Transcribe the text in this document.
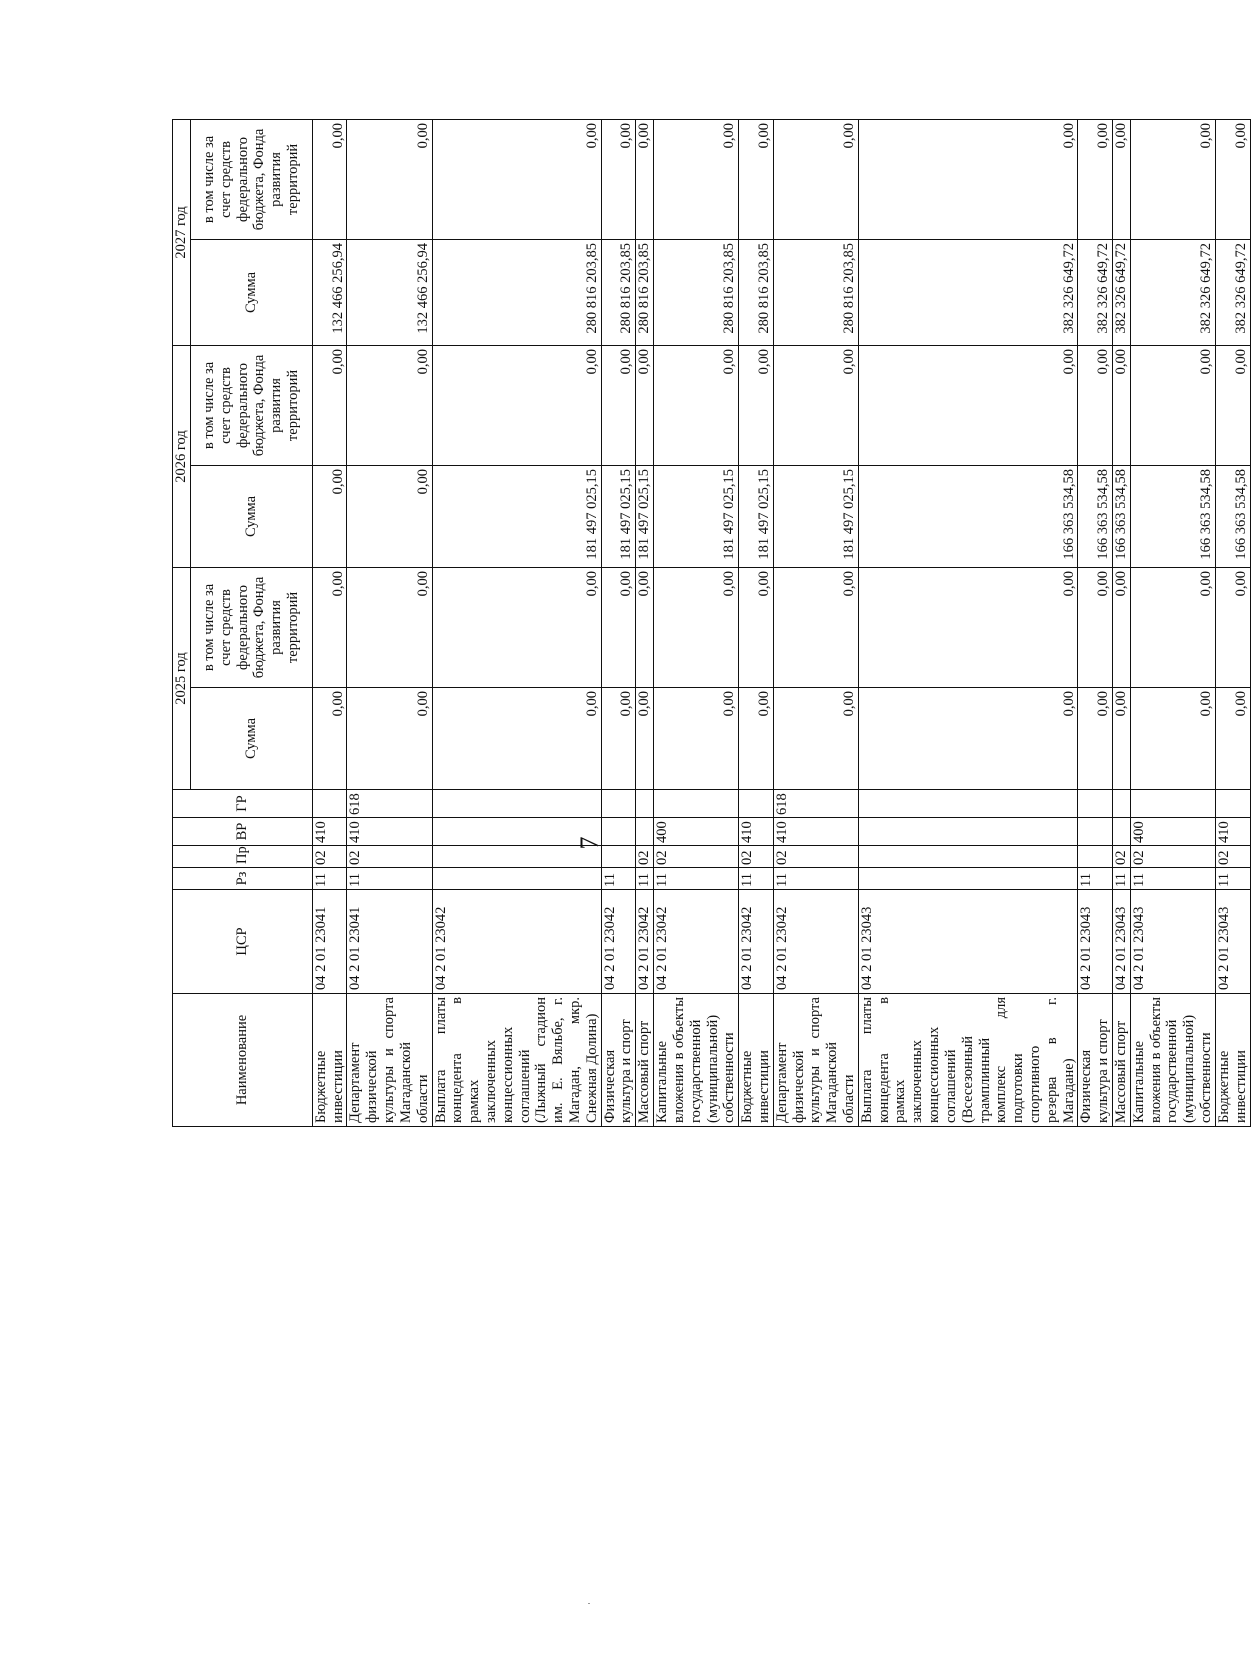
7
Наименование	ЦСР	Рз	Пр	ВР	ГР	2025 год		2026 год		2027 год	
						Сумма	в том числе за счет средств федерального бюджета, Фонда развития территорий	Сумма	в том числе за счет средств федерального бюджета, Фонда развития территорий	Сумма	в том числе за счет средств федерального бюджета, Фонда развития территорий
Бюджетные инвестиции	04 2 01 23041	11	02	410		0,00	0,00	0,00	0,00	132 466 256,94	0,00
Департамент физической культуры и спорта Магаданской области	04 2 01 23041	11	02	410	618	0,00	0,00	0,00	0,00	132 466 256,94	0,00
Выплата платы концедента в рамках заключенных концессионных соглашений (Лыжный стадион им. Е. Вяльбе, г. Магадан, мкр. Снежная Долина)	04 2 01 23042					0,00	0,00	181 497 025,15	0,00	280 816 203,85	0,00
Физическая культура и спорт	04 2 01 23042	11				0,00	0,00	181 497 025,15	0,00	280 816 203,85	0,00
Массовый спорт	04 2 01 23042	11	02			0,00	0,00	181 497 025,15	0,00	280 816 203,85	0,00
Капитальные вложения в объекты государственной (муниципальной) собственности	04 2 01 23042	11	02	400		0,00	0,00	181 497 025,15	0,00	280 816 203,85	0,00
Бюджетные инвестиции	04 2 01 23042	11	02	410		0,00	0,00	181 497 025,15	0,00	280 816 203,85	0,00
Департамент физической культуры и спорта Магаданской области	04 2 01 23042	11	02	410	618	0,00	0,00	181 497 025,15	0,00	280 816 203,85	0,00
Выплата платы концедента в рамках заключенных концессионных соглашений (Всесезонный трамплинный комплекс для подготовки спортивного резерва в г. Магадане)	04 2 01 23043					0,00	0,00	166 363 534,58	0,00	382 326 649,72	0,00
Физическая культура и спорт	04 2 01 23043	11				0,00	0,00	166 363 534,58	0,00	382 326 649,72	0,00
Массовый спорт	04 2 01 23043	11	02			0,00	0,00	166 363 534,58	0,00	382 326 649,72	0,00
Капитальные вложения в объекты государственной (муниципальной) собственности	04 2 01 23043	11	02	400		0,00	0,00	166 363 534,58	0,00	382 326 649,72	0,00
Бюджетные инвестиции	04 2 01 23043	11	02	410		0,00	0,00	166 363 534,58	0,00	382 326 649,72	0,00
